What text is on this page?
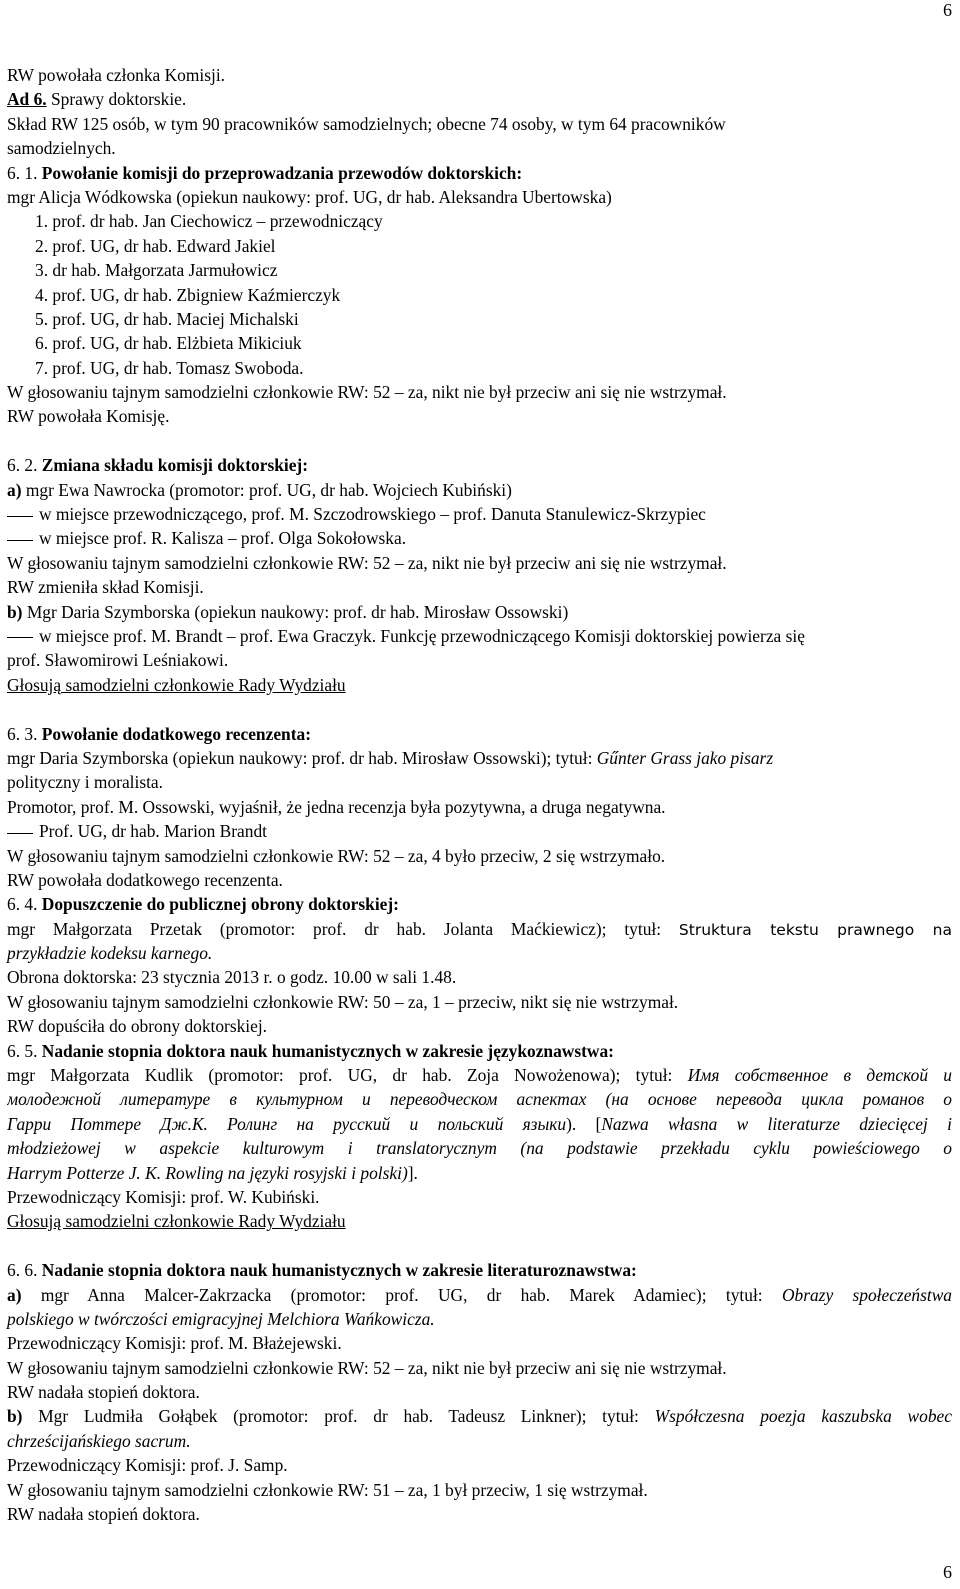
6
RW powołała członka Komisji.
Ad 6. Sprawy doktorskie.
Skład RW 125 osób, w tym 90 pracowników samodzielnych; obecne 74 osoby, w tym 64 pracowników
samodzielnych.
6. 1. Powołanie komisji do przeprowadzania przewodów doktorskich:
mgr Alicja Wódkowska (opiekun naukowy: prof. UG, dr hab. Aleksandra Ubertowska)
1. prof. dr hab. Jan Ciechowicz – przewodniczący
2. prof. UG, dr hab. Edward Jakiel
3. dr hab. Małgorzata Jarmułowicz
4. prof. UG, dr hab. Zbigniew Kaźmierczyk
5. prof. UG, dr hab. Maciej Michalski
6. prof. UG, dr hab. Elżbieta Mikiciuk
7. prof. UG, dr hab. Tomasz Swoboda.
W głosowaniu tajnym samodzielni członkowie RW: 52 – za, nikt nie był przeciw ani się nie wstrzymał.
RW powołała Komisję.
6. 2. Zmiana składu komisji doktorskiej:
a) mgr Ewa Nawrocka (promotor: prof. UG, dr hab. Wojciech Kubiński)
w miejsce przewodniczącego, prof. M. Szczodrowskiego – prof. Danuta Stanulewicz-Skrzypiec
w miejsce prof. R. Kalisza – prof. Olga Sokołowska.
W głosowaniu tajnym samodzielni członkowie RW: 52 – za, nikt nie był przeciw ani się nie wstrzymał.
RW zmieniła skład Komisji.
b) Mgr Daria Szymborska (opiekun naukowy: prof. dr hab. Mirosław Ossowski)
w miejsce prof. M. Brandt – prof. Ewa Graczyk. Funkcję przewodniczącego Komisji doktorskiej powierza się
prof. Sławomirowi Leśniakowi.
Głosują samodzielni członkowie Rady Wydziału
6. 3. Powołanie dodatkowego recenzenta:
mgr Daria Szymborska (opiekun naukowy: prof. dr hab. Mirosław Ossowski); tytuł: Gűnter Grass jako pisarz
polityczny i moralista.
Promotor, prof. M. Ossowski, wyjaśnił, że jedna recenzja była pozytywna, a druga negatywna.
Prof. UG, dr hab. Marion Brandt
W głosowaniu tajnym samodzielni członkowie RW: 52 – za, 4 było przeciw, 2 się wstrzymało.
RW powołała dodatkowego recenzenta.
6. 4. Dopuszczenie do publicznej obrony doktorskiej:
mgr Małgorzata Przetak (promotor: prof. dr hab. Jolanta Maćkiewicz); tytuł: Struktura tekstu prawnego na
przykładzie kodeksu karnego.
Obrona doktorska: 23 stycznia 2013 r. o godz. 10.00 w sali 1.48.
W głosowaniu tajnym samodzielni członkowie RW: 50 – za, 1 – przeciw, nikt się nie wstrzymał.
RW dopuściła do obrony doktorskiej.
6. 5. Nadanie stopnia doktora nauk humanistycznych w zakresie językoznawstwa:
mgr Małgorzata Kudlik (promotor: prof. UG, dr hab. Zoja Nowożenowa); tytuł: Имя собственное в детской и
молодежной литературе в культурном и переводческом аспектах (на основе перевода цикла романов о
Гарри Поттере Дж.К. Ролинг на русский и польский языки). [Nazwa własna w literaturze dziecięcej i
młodzieżowej w aspekcie kulturowym i translatorycznym (na podstawie przekładu cyklu powieściowego o
Harrym Potterze J. K. Rowling na języki rosyjski i polski)].
Przewodniczący Komisji: prof. W. Kubiński.
Głosują samodzielni członkowie Rady Wydziału
6. 6. Nadanie stopnia doktora nauk humanistycznych w zakresie literaturoznawstwa:
a) mgr Anna Malcer-Zakrzacka (promotor: prof. UG, dr hab. Marek Adamiec); tytuł: Obrazy społeczeństwa
polskiego w twórczości emigracyjnej Melchiora Wańkowicza.
Przewodniczący Komisji: prof. M. Błażejewski.
W głosowaniu tajnym samodzielni członkowie RW: 52 – za, nikt nie był przeciw ani się nie wstrzymał.
RW nadała stopień doktora.
b) Mgr Ludmiła Gołąbek (promotor: prof. dr hab. Tadeusz Linkner); tytuł: Współczesna poezja kaszubska wobec
chrześcijańskiego sacrum.
Przewodniczący Komisji: prof. J. Samp.
W głosowaniu tajnym samodzielni członkowie RW: 51 – za, 1 był przeciw, 1 się wstrzymał.
RW nadała stopień doktora.
6
